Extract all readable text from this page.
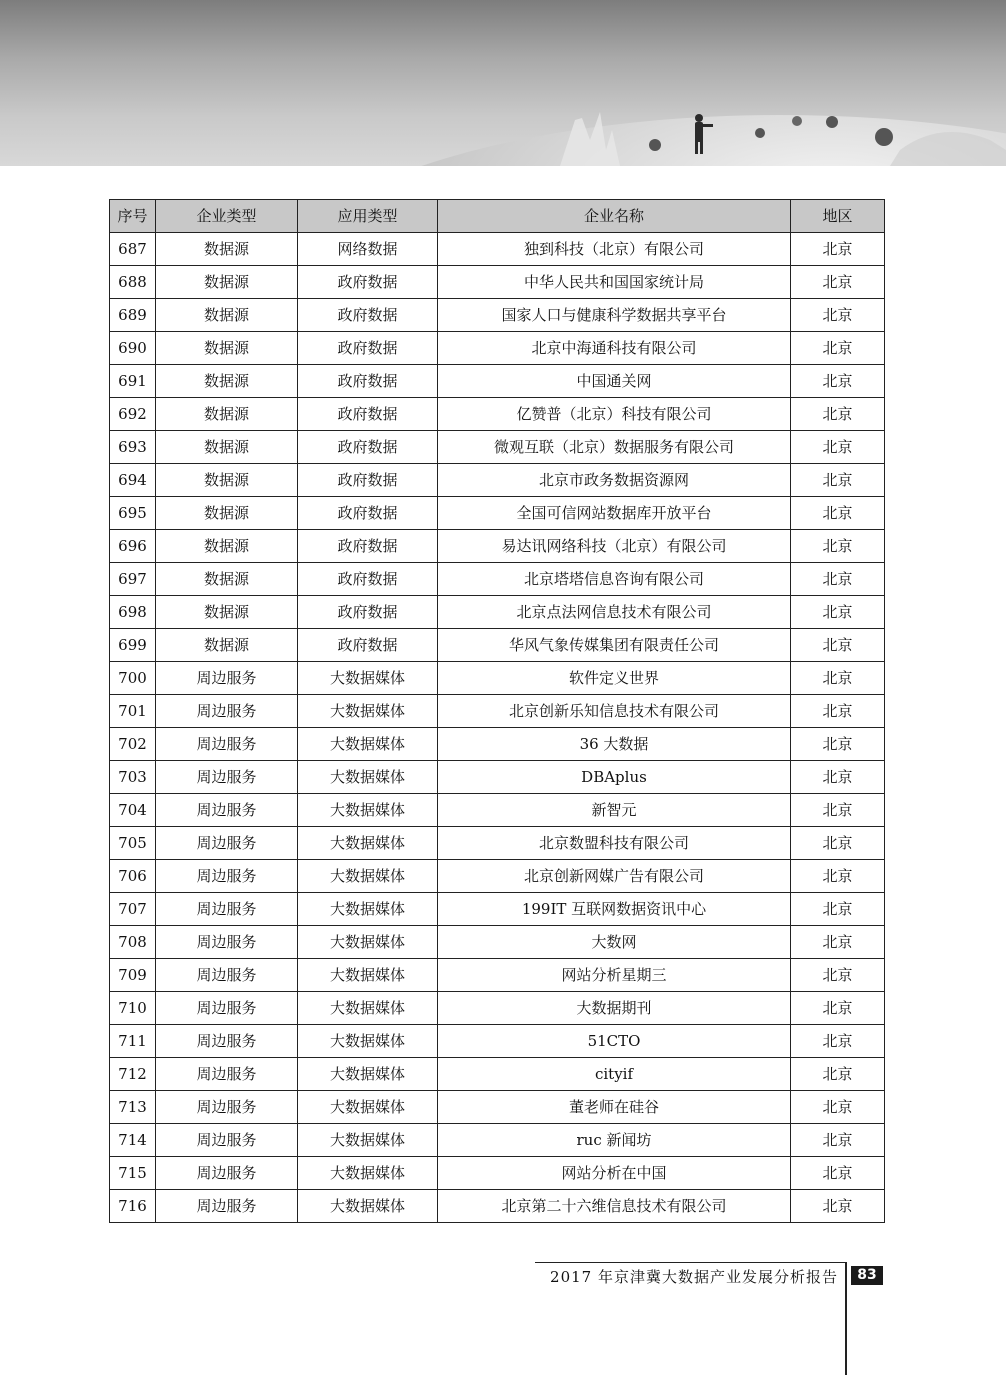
序号	企业类型	应用类型	企业名称	地区
687	数据源	网络数据	独到科技（北京）有限公司	北京
688	数据源	政府数据	中华人民共和国国家统计局	北京
689	数据源	政府数据	国家人口与健康科学数据共享平台	北京
690	数据源	政府数据	北京中海通科技有限公司	北京
691	数据源	政府数据	中国通关网	北京
692	数据源	政府数据	亿赞普（北京）科技有限公司	北京
693	数据源	政府数据	微观互联（北京）数据服务有限公司	北京
694	数据源	政府数据	北京市政务数据资源网	北京
695	数据源	政府数据	全国可信网站数据库开放平台	北京
696	数据源	政府数据	易达讯网络科技（北京）有限公司	北京
697	数据源	政府数据	北京塔塔信息咨询有限公司	北京
698	数据源	政府数据	北京点法网信息技术有限公司	北京
699	数据源	政府数据	华风气象传媒集团有限责任公司	北京
700	周边服务	大数据媒体	软件定义世界	北京
701	周边服务	大数据媒体	北京创新乐知信息技术有限公司	北京
702	周边服务	大数据媒体	36 大数据	北京
703	周边服务	大数据媒体	DBAplus	北京
704	周边服务	大数据媒体	新智元	北京
705	周边服务	大数据媒体	北京数盟科技有限公司	北京
706	周边服务	大数据媒体	北京创新网媒广告有限公司	北京
707	周边服务	大数据媒体	199IT 互联网数据资讯中心	北京
708	周边服务	大数据媒体	大数网	北京
709	周边服务	大数据媒体	网站分析星期三	北京
710	周边服务	大数据媒体	大数据期刊	北京
711	周边服务	大数据媒体	51CTO	北京
712	周边服务	大数据媒体	cityif	北京
713	周边服务	大数据媒体	董老师在硅谷	北京
714	周边服务	大数据媒体	ruc 新闻坊	北京
715	周边服务	大数据媒体	网站分析在中国	北京
716	周边服务	大数据媒体	北京第二十六维信息技术有限公司	北京
2017 年京津冀大数据产业发展分析报告	83
